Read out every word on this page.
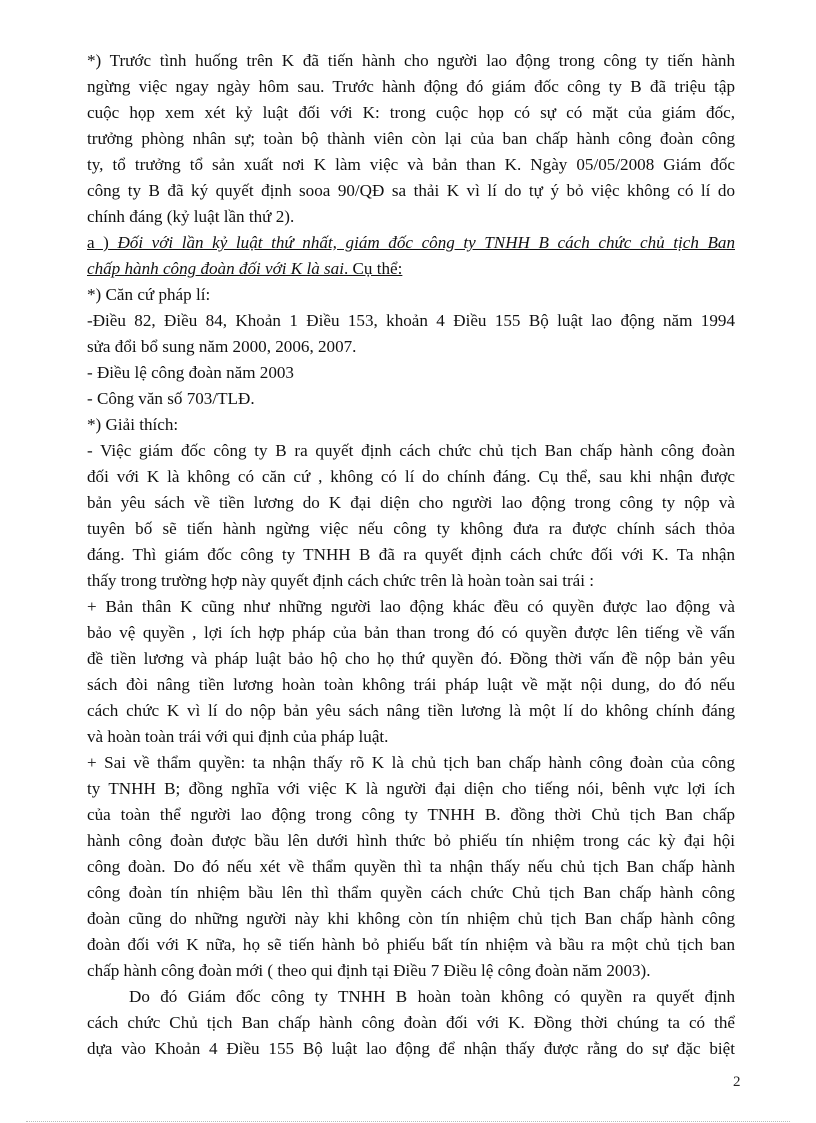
*) Trước tình huống trên K đã tiến hành cho người lao động trong công ty tiến hành
ngừng việc ngay ngày hôm sau. Trước hành động đó giám đốc công ty B đã triệu tập
cuộc họp xem xét kỷ luật đối với K: trong cuộc họp có sự có mặt của giám đốc,
trưởng phòng nhân sự; toàn bộ thành viên còn lại của ban chấp hành công đoàn công
ty, tổ trưởng tổ sản xuất nơi K làm việc và bản than K. Ngày 05/05/2008 Giám đốc
công ty B đã ký quyết định sooa 90/QĐ sa thải K vì lí do tự ý bỏ việc không có lí do
chính đáng (kỷ luật lần thứ 2).
a ) Đối với lần kỷ luật thứ nhất, giám đốc công ty TNHH B cách chức chủ tịch Ban
chấp hành công đoàn đối với K là sai. Cụ thể:
*) Căn cứ pháp lí:
-Điều 82, Điều 84, Khoản 1 Điều 153, khoản 4 Điều 155 Bộ luật lao động năm 1994
sửa đổi bổ sung năm 2000, 2006, 2007.
- Điều lệ công đoàn năm 2003
- Công văn số 703/TLĐ.
*) Giải thích:
- Việc giám đốc công ty B ra quyết định cách chức chủ tịch Ban chấp hành công đoàn
đối với K là không có căn cứ , không có lí do chính đáng. Cụ thể, sau khi nhận được
bản yêu sách về tiền lương do K đại diện cho người lao động trong công ty nộp và
tuyên bố sẽ tiến hành ngừng việc nếu công ty không đưa ra được chính sách thỏa
đáng. Thì giám đốc công ty TNHH B đã ra quyết định cách chức đối với K. Ta nhận
thấy trong trường hợp này quyết định cách chức trên là hoàn toàn sai trái :
+ Bản thân K cũng như những người lao động khác đều có quyền được lao động và
bảo vệ quyền , lợi ích hợp pháp của bản than trong đó có quyền được lên tiếng về vấn
đề tiền lương và pháp luật bảo hộ cho họ thứ quyền đó. Đồng thời vấn đề nộp bản yêu
sách đòi nâng tiền lương hoàn toàn không trái pháp luật về mặt nội dung, do đó nếu
cách chức K vì lí do nộp bản yêu sách nâng tiền lương là một lí do không chính đáng
và hoàn toàn trái với qui định của pháp luật.
+ Sai về thẩm quyền: ta nhận thấy rõ K là chủ tịch ban chấp hành công đoàn của công
ty TNHH B; đồng nghĩa với việc K là người đại diện cho tiếng nói, bênh vực lợi ích
của toàn thể người lao động trong công ty TNHH B. đồng thời Chủ tịch Ban chấp
hành công đoàn được bầu lên dưới hình thức bỏ phiếu tín nhiệm trong các kỳ đại hội
công đoàn. Do đó nếu xét về thẩm quyền thì ta nhận thấy nếu chủ tịch Ban chấp hành
công đoàn tín nhiệm bầu lên thì thẩm quyền cách chức Chủ tịch Ban chấp hành công
đoàn cũng do những người này khi không còn tín nhiệm chủ tịch Ban chấp hành công
đoàn đối với K nữa, họ sẽ tiến hành bỏ phiếu bất tín nhiệm và bầu ra một chủ tịch ban
chấp hành công đoàn mới ( theo qui định tại Điều 7 Điều lệ công đoàn năm 2003).
Do đó Giám đốc công ty TNHH B hoàn toàn không có quyền ra quyết định
cách chức Chủ tịch Ban chấp hành công đoàn đối với K. Đồng thời chúng ta có thể
dựa vào Khoản 4 Điều 155 Bộ luật lao động để nhận thấy được rằng do sự đặc biệt
2
